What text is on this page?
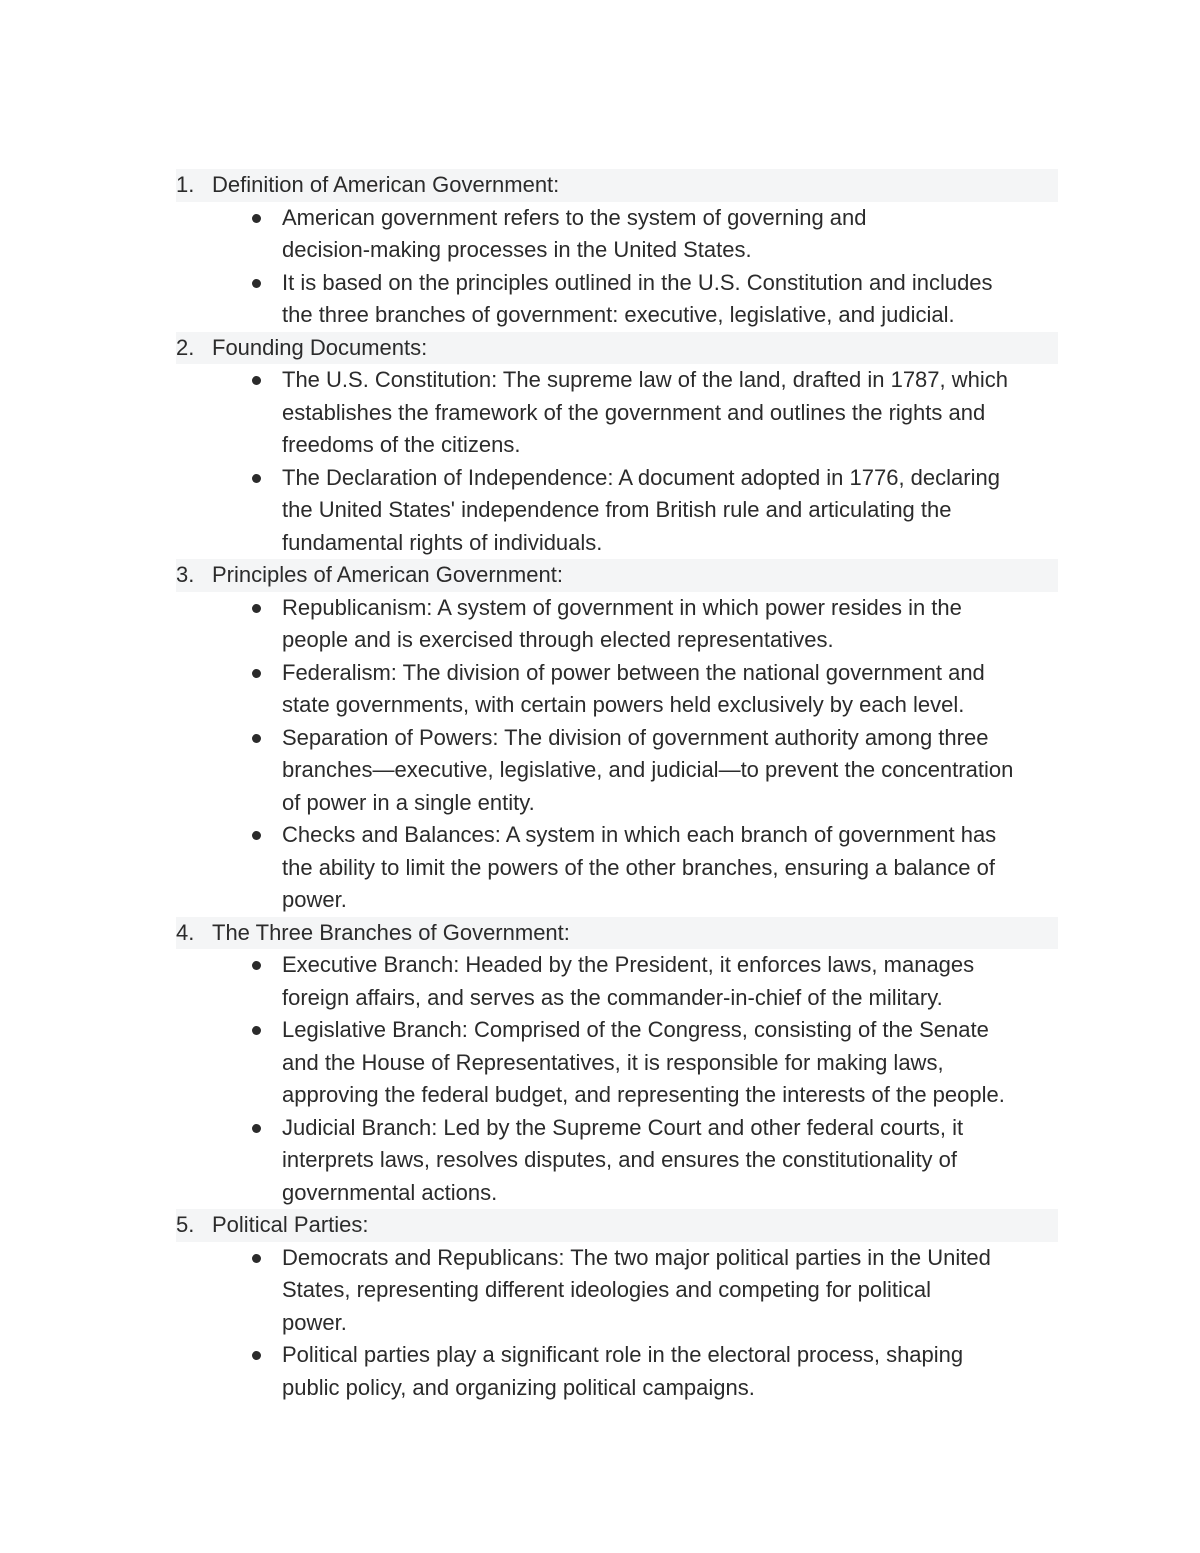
1. Definition of American Government:
American government refers to the system of governing and
decision-making processes in the United States.
It is based on the principles outlined in the U.S. Constitution and includes
the three branches of government: executive, legislative, and judicial.
2. Founding Documents:
The U.S. Constitution: The supreme law of the land, drafted in 1787, which
establishes the framework of the government and outlines the rights and
freedoms of the citizens.
The Declaration of Independence: A document adopted in 1776, declaring
the United States' independence from British rule and articulating the
fundamental rights of individuals.
3. Principles of American Government:
Republicanism: A system of government in which power resides in the
people and is exercised through elected representatives.
Federalism: The division of power between the national government and
state governments, with certain powers held exclusively by each level.
Separation of Powers: The division of government authority among three
branches—executive, legislative, and judicial—to prevent the concentration
of power in a single entity.
Checks and Balances: A system in which each branch of government has
the ability to limit the powers of the other branches, ensuring a balance of
power.
4. The Three Branches of Government:
Executive Branch: Headed by the President, it enforces laws, manages
foreign affairs, and serves as the commander-in-chief of the military.
Legislative Branch: Comprised of the Congress, consisting of the Senate
and the House of Representatives, it is responsible for making laws,
approving the federal budget, and representing the interests of the people.
Judicial Branch: Led by the Supreme Court and other federal courts, it
interprets laws, resolves disputes, and ensures the constitutionality of
governmental actions.
5. Political Parties:
Democrats and Republicans: The two major political parties in the United
States, representing different ideologies and competing for political
power.
Political parties play a significant role in the electoral process, shaping
public policy, and organizing political campaigns.
